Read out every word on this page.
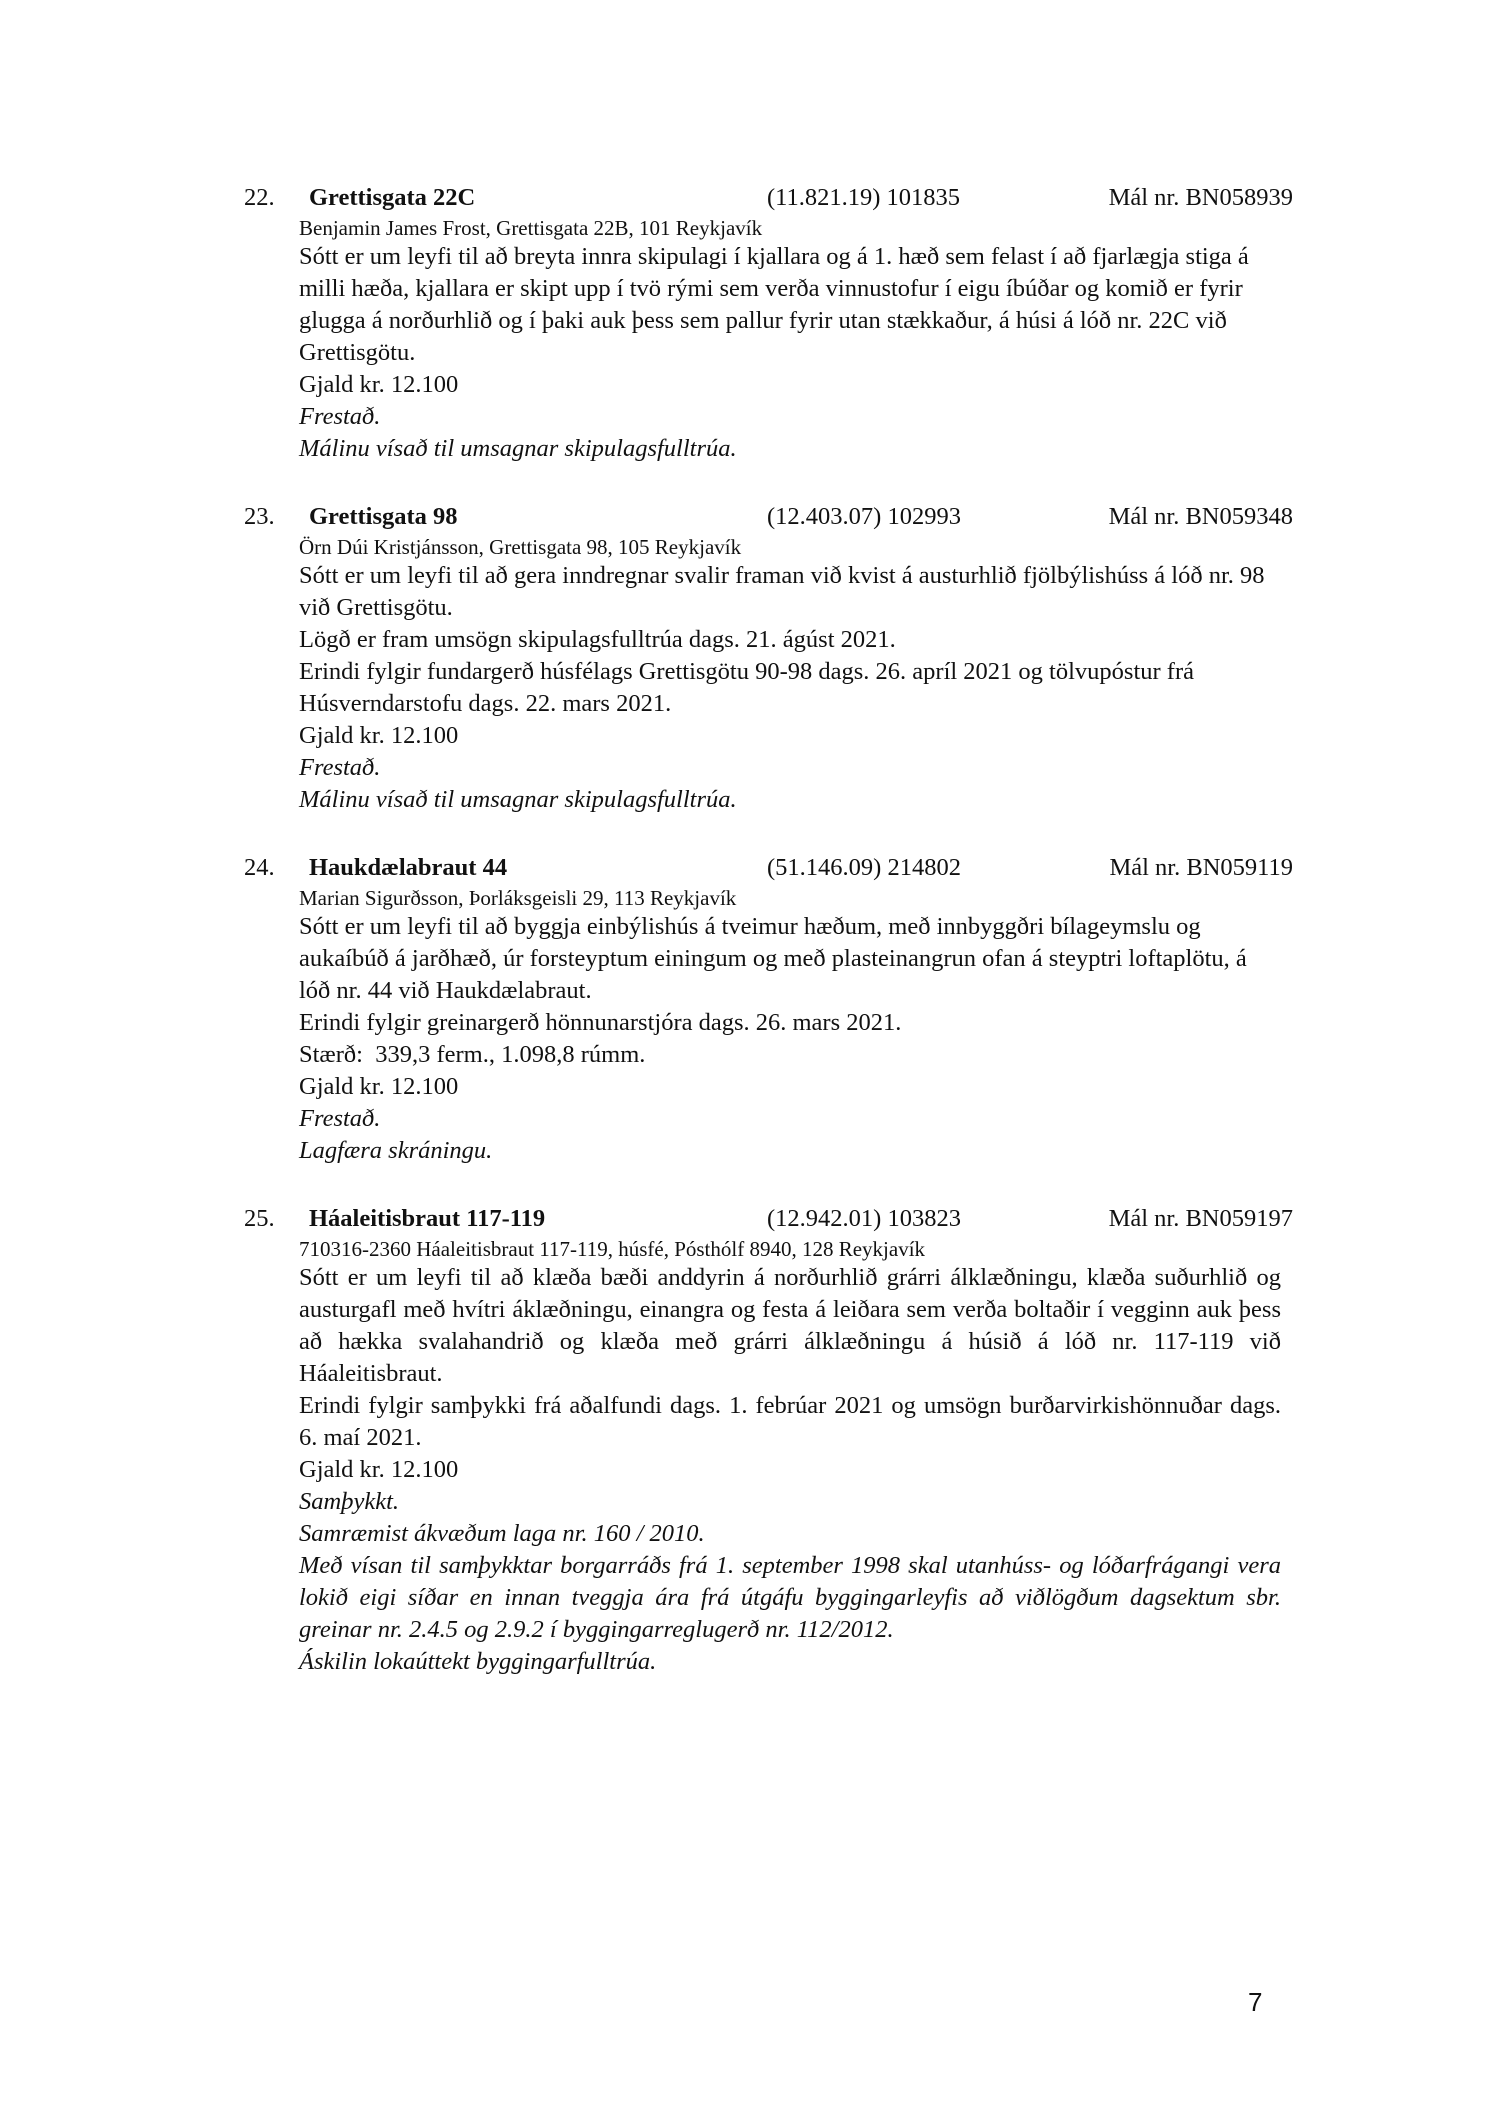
22. Grettisgata 22C	(11.821.19) 101835	Mál nr. BN058939
Benjamin James Frost, Grettisgata 22B, 101 Reykjavík
Sótt er um leyfi til að breyta innra skipulagi í kjallara og á 1. hæð sem felast í að fjarlægja stiga á milli hæða, kjallara er skipt upp í tvö rými sem verða vinnustofur í eigu íbúðar og komið er fyrir glugga á norðurhlið og í þaki auk þess sem pallur fyrir utan stækkaður, á húsi á lóð nr. 22C við Grettisgötu.
Gjald kr. 12.100
Frestað.
Málinu vísað til umsagnar skipulagsfulltrúa.
23. Grettisgata 98	(12.403.07) 102993	Mál nr. BN059348
Örn Dúi Kristjánsson, Grettisgata 98, 105 Reykjavík
Sótt er um leyfi til að gera inndregnar svalir framan við kvist á austurhlið fjölbýlishúss á lóð nr. 98 við Grettisgötu.
Lögð er fram umsögn skipulagsfulltrúa dags. 21. ágúst 2021.
Erindi fylgir fundargerð húsfélags Grettisgötu 90-98 dags. 26. apríl 2021 og tölvupóstur frá Húsverndarstofu dags. 22. mars 2021.
Gjald kr. 12.100
Frestað.
Málinu vísað til umsagnar skipulagsfulltrúa.
24. Haukdælabraut 44	(51.146.09) 214802	Mál nr. BN059119
Marian Sigurðsson, Þorláksgeisli 29, 113 Reykjavík
Sótt er um leyfi til að byggja einbýlishús á tveimur hæðum, með innbyggðri bílageymslu og aukaíbúð á jarðhæð, úr forsteyptum einingum og með plasteinangrun ofan á steyptri loftaplötu, á lóð nr. 44 við Haukdælabraut.
Erindi fylgir greinargerð hönnunarstjóra dags. 26. mars 2021.
Stærð:  339,3 ferm., 1.098,8 rúmm.
Gjald kr. 12.100
Frestað.
Lagfæra skráningu.
25. Háaleitisbraut 117-119	(12.942.01) 103823	Mál nr. BN059197
710316-2360 Háaleitisbraut 117-119, húsfé, Pósthólf 8940, 128 Reykjavík
Sótt er um leyfi til að klæða bæði anddyrin á norðurhlið grárri álklæðningu, klæða suðurhlið og austurgafl með hvítri áklæðningu, einangra og festa á leiðara sem verða boltaðir í vegginn auk þess að hækka svalahandrið og klæða með grárri álklæðningu á húsið á lóð nr. 117-119 við Háaleitisbraut.
Erindi fylgir samþykki frá aðalfundi dags. 1. febrúar 2021 og umsögn burðarvirkishönnuðar dags. 6. maí 2021.
Gjald kr. 12.100
Samþykkt.
Samræmist ákvæðum laga nr. 160 / 2010.
Með vísan til samþykktar borgarráðs frá 1. september 1998 skal utanhúss- og lóðarfrágangi vera lokið eigi síðar en innan tveggja ára frá útgáfu byggingarleyfis að viðlögðum dagsektum sbr. greinar nr. 2.4.5 og 2.9.2 í byggingarreglugerð nr. 112/2012.
Áskilin lokaúttekt byggingarfulltrúa.
7
